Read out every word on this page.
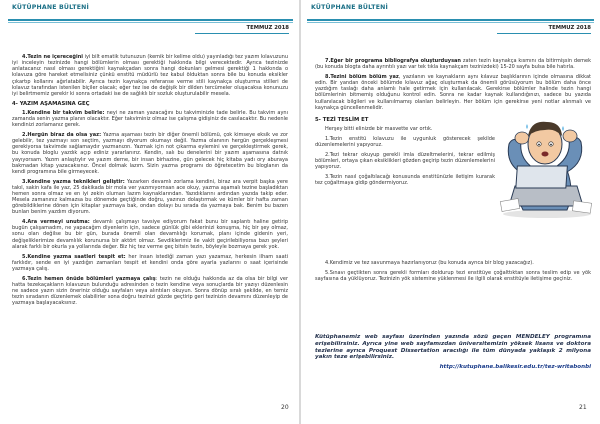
KÜTÜPHANE BÜLTENİ
TEMMUZ 2018

4.Tezin ne içereceğini iyi bilt ematik tutunuzun (kemik bir kelime oldu) yayınladığı tez yazım kılavuzunu iyi inceleyin tezinizde hangi bölümlerin olması gerektiği hakkında bilgi verecektedir. Ayrıca tezinizde anlatacanız nasıl olması gerektiğini kaynakçadan sonra hangi dokunları gelmesi gerektiği 1 hakkında o kılavuza göre hareket etmelisiniz çünkü enstitü müdürlü tez kabul ölduktan sonra bile bu konuda eksikler çıkartıp kollarını ağırlatabilir. Ayrıca tezin kaynakça referanse verme stili kaynakça oluşturma stilleri de kılavuz tarafından istenilen biçiler olacak; eğer tez ise de değişik bir dilden tercümeler oluşacaksa konunuzu iyi belirtmemiz gerekir ki sonra ortadaki ise de sağlıklı bir sozluk oluşturulabilir mesela.

4- YAZIM AŞAMASINA GEÇ

1.Kendine bir takvim belirle: neyi ne zaman yazacağını bu takviminizle tade belirle. Bu takvim aynı zamanda senin yazma planın olacaktır. Eğer takviminiz olmaz ise çalışma gidişiniz de casılacaktır. Bu nedenle kendinizi zorlamanız gerek.

2.Hergün biraz da olsa yaz: Yazma aşaması tezin bir diğer önemli bölümü, çok kimseye eksik ve zor gelebilir, tez yazmayı son seçtim, yazmayı diyorum okumayı değil. Yazma olanının hergün gerçekleşmesi gerekiyorsa takvimde sağlamaydır yazmanızın. Yazmak için not çıkarma eylemini ve gerçekleştirmek gerek, bu konuda bloglu yazdık açıp ediniz yararlanırız. Kendin, salı bu denelerini bir yazım aşamasına datnık yayıyorsam. Yazım anlaştıylır ve yazım derne, bir insan birhazine, gün gelecek hiç kitaba yadı ory aburaya bakmadan kitap yazacaksınız. Öncel dolmak lazım. Sizin yazma programı do öğretecetim bu bloglanın da kendi programına bile girmeyecek.

3.Kendine yazma teknikleri geliştir: Yazarken devamlı zorlama kendini, biraz ara verpit başka yere takıl, sakin kafa ile yaz, 25 dakikada bir mola ver yazımıyornsan ace okuy, yazma aşamalı tezine başladıktan hemen sonra olmaz ve en iyi zekin oluman lazım kaynaklarından. Yazıdıklarını ardından yazıda takip eder. Mesela zamanınız kalmazsa bu dönemde geçtiğinde doğru, yazınızı dolaştırmak ve kümler bir hafta zaman görebildiklerine dönen için kitaplar yazmaya bak, ondan dolayı bu sırada da yazmaya bak. Benim bu bazen bunları benim yazdım diyorum.

4.Ara vermeyi unutma: devamlı çalışmayı tavsiye ediyorum fakat bunu bir saplantı haline getirip bugün çalışamadım, ne yapacağım diyenlerin için, sadece günlük gibi eklerinizi konuşma, hiç bir şey olmaz, sonu olan değilse bu bir gün, burada önemli olan devamlılığı korumak, planı içinde gidenin yeri, değişeliklerimize devamlılık korunursa bir aktört olmaz. Sevdiklerimiz ile vakit geçirilebiliyorsa bazı şeyleri alarak farklı bir okurla ya yollarında değer. Biz hiç tez verme geç bitsin tezin, böyleyle bozmaya gerek yok.

5.Kendine yazma saatleri tespit et: her insan istediği zaman yazı yazamaz, herkesin ilham saati farklıdır, sende en iyi yazdığın zamanları tespit et kendini onda göre ayarla yazlarını o saat içerisinde yazmaya çalış.

6.Tezin hemen önüde bölümleri yazmaya çalış: tezin ne olduğu hakkında az da olsa bir bilgi ver hatta tezekaçakların kılavuzun bulunduğu adresinden o tezin kendine veya sonuçlarda bir yazıyı düzenlesin ne sadece yazın sizin öneriniz olduğu sayfaları veya alıntıları okuyun. Sonra dönüp sıralı şekilde, en temiz tezin sıradanın düzenlemek olabilirler sona doğru tezinizi gözde geçtirip geri tezinizin devamını düzenleyip de yazmaya başlayacaksınız.

20
KÜTÜPHANE BÜLTENİ
TEMMUZ 2018

7.Eğer bir programa bibliografya oluşturduysan zaten tezin kaynakça kısmını da bitirmişsin demek (bu konuda blogta daha ayrıntılı yazı var tek tıkla kaynakçam tezinizdeki) 15-20 sayfa bulsa bile hatırla.

8.Tezini bölüm bölüm yaz, yazılanın ve kaynakların aynı kılavuz başlıklarının içinde olmasına dikkat edin. Bir yandan önceki bölümde kılavuz ağaç oluşturmak da önemli görüsüyorum bu bölüm daha önce yazdığım taslağı daha anlamlı hale getirmek için kullanılacak. Gerekirse bölümler halinde tezin hangi bölümlerinin bitmemiş olduğunu kontrol edin. Sonra ne kadar kaynak kullandığınızı, sadece bu yazıda kullanılacak bilgileri ve kullanılmamış olanları belirleyin. Her bölüm için gerekirse yeni notlar alınmalı ve kaynakça güncellenmelidir.

5- TEZİ TESLİM ET

Herşey bitti elinizde bir masvette var ortık.

1.Tezin enstitü kılavuzu ile uygunluk gösterecek şekilde düzenlemelerini yapıyoruz.

2.Tezi tekrar okuyup gerekli imla düzeltmelerini, tekrar edilmiş bölümleri, ortaya çıkan eksiklikleri gözden geçirip tezin düzenlemelerini yapıyoruz.

3.Tezin nasıl çoğaltılacağı konusunda enstitünüzle iletişim kurarak tez çoğaltmaya gidip göndermiyoruz.

4.Kendimiz ve tez savunmaya hazırlanıyoruz (bu konuda ayrıca bir blog yazacağız).

5.Sınavı geçtikten sonra gerekli formları doldurup tezi enstitüye çoğalttıktan sonra teslim edip ve yök sayfasına da yüklüyoruz. Tezinizin yök sistemine yüklenmesi ile ilgili olarak enstitüyle iletişime geçiniz.

Kütüphanemiz web sayfası üzerinden yazında sözü geçen MENDELEY programına erişebilirsiniz. Ayrıca yine web sayfamızdan üniversitemizin yöksek lisans ve doktora tezlerine ayrıca Proquest Dissertation aracılığı ile tüm dünyada yaklaşık 2 milyona yakın teze erişebilirsiniz.
http://kutuphane.balikesir.edu.tr/tez-writabonbi
21
